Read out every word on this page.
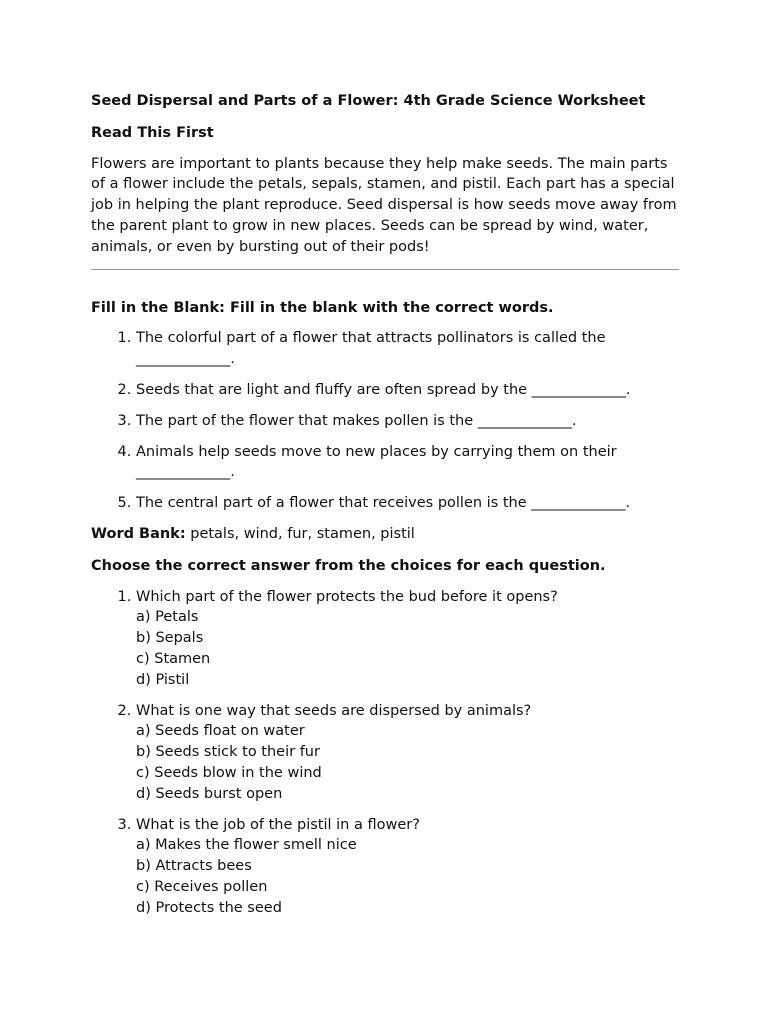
Seed Dispersal and Parts of a Flower: 4th Grade Science Worksheet
Read This First
Flowers are important to plants because they help make seeds. The main parts of a flower include the petals, sepals, stamen, and pistil. Each part has a special job in helping the plant reproduce. Seed dispersal is how seeds move away from the parent plant to grow in new places. Seeds can be spread by wind, water, animals, or even by bursting out of their pods!
Fill in the Blank: Fill in the blank with the correct words.
1. The colorful part of a flower that attracts pollinators is called the _____________.
2. Seeds that are light and fluffy are often spread by the _____________.
3. The part of the flower that makes pollen is the _____________.
4. Animals help seeds move to new places by carrying them on their _____________.
5. The central part of a flower that receives pollen is the _____________.
Word Bank: petals, wind, fur, stamen, pistil
Choose the correct answer from the choices for each question.
1. Which part of the flower protects the bud before it opens?
a) Petals
b) Sepals
c) Stamen
d) Pistil
2. What is one way that seeds are dispersed by animals?
a) Seeds float on water
b) Seeds stick to their fur
c) Seeds blow in the wind
d) Seeds burst open
3. What is the job of the pistil in a flower?
a) Makes the flower smell nice
b) Attracts bees
c) Receives pollen
d) Protects the seed
